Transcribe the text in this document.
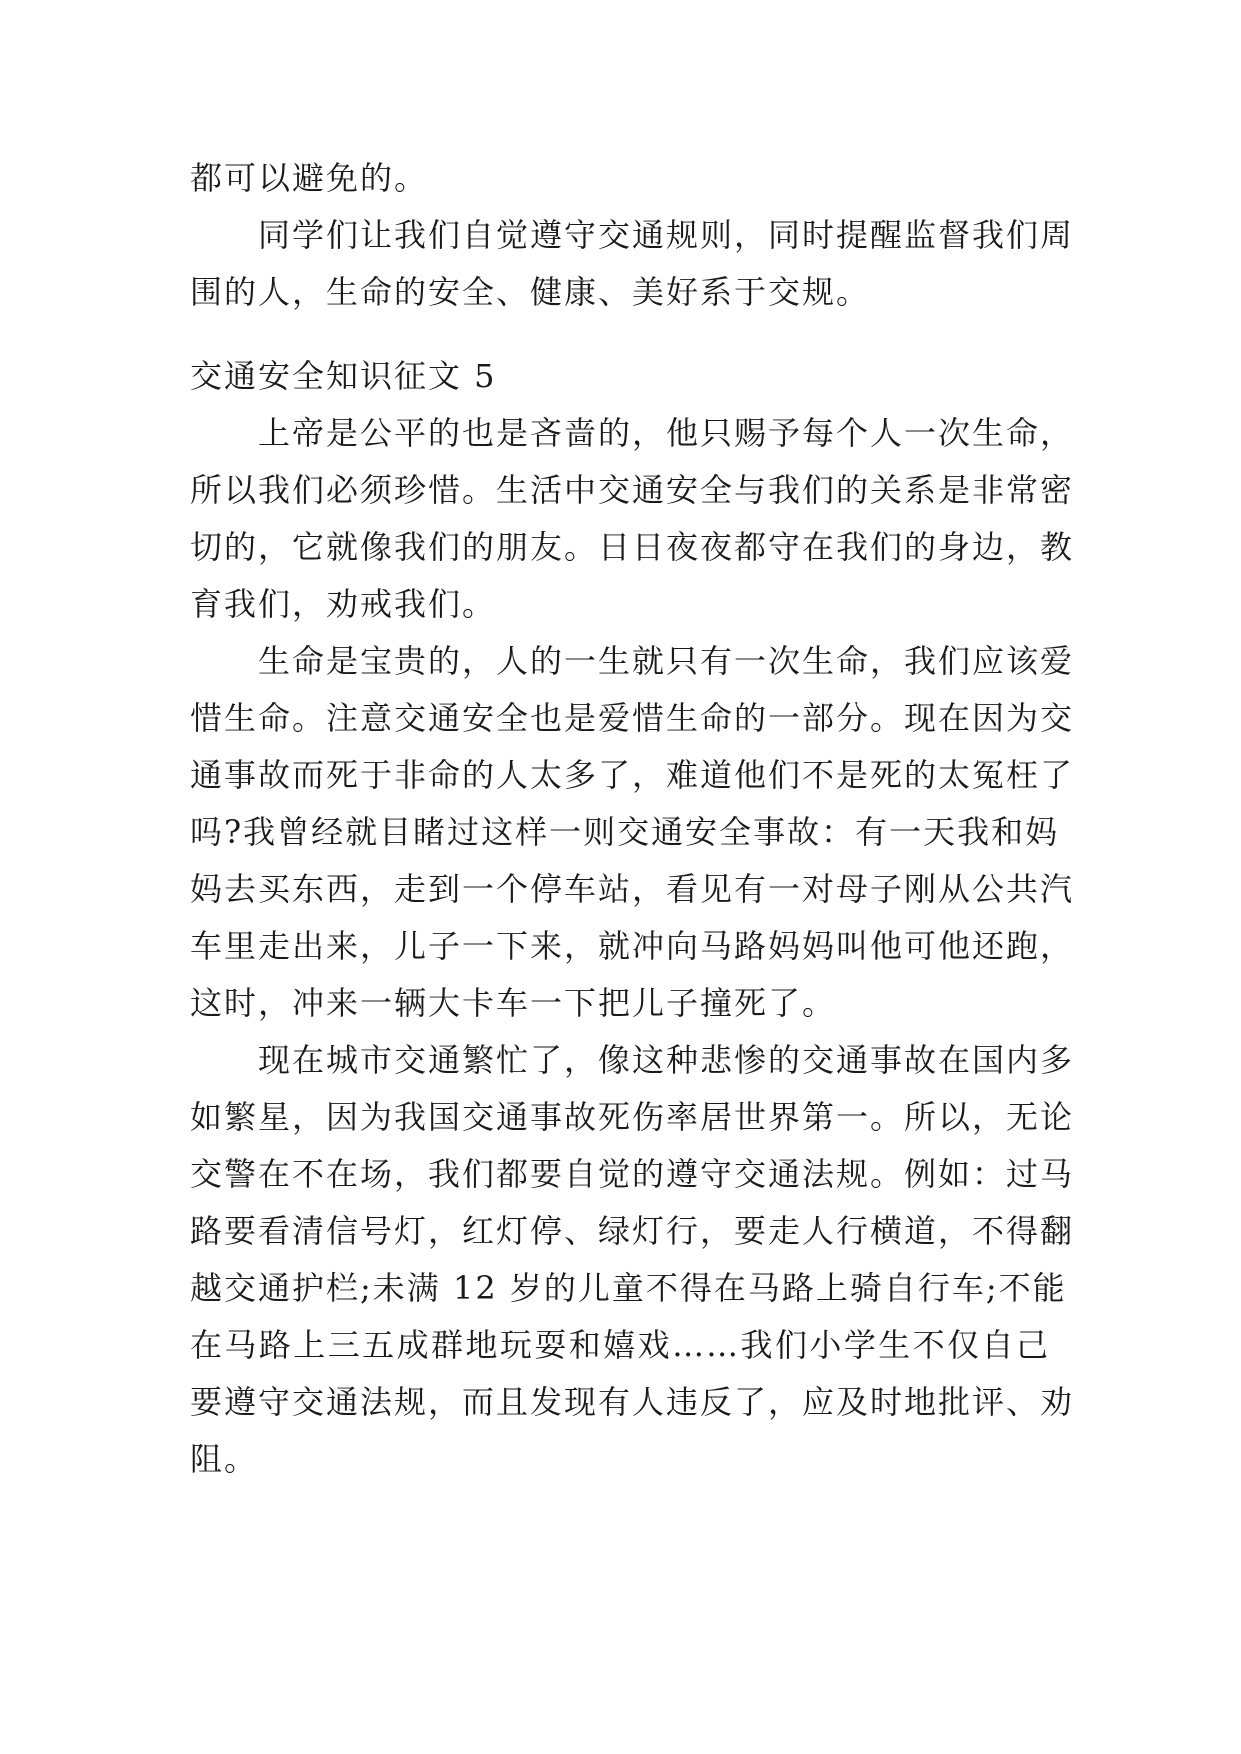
都可以避免的。
同学们让我们自觉遵守交通规则，同时提醒监督我们周
围的人，生命的安全、健康、美好系于交规。
交通安全知识征文 5
上帝是公平的也是吝啬的，他只赐予每个人一次生命，
所以我们必须珍惜。生活中交通安全与我们的关系是非常密
切的，它就像我们的朋友。日日夜夜都守在我们的身边，教
育我们，劝戒我们。
生命是宝贵的，人的一生就只有一次生命，我们应该爱
惜生命。注意交通安全也是爱惜生命的一部分。现在因为交
通事故而死于非命的人太多了，难道他们不是死的太冤枉了
吗?我曾经就目睹过这样一则交通安全事故：有一天我和妈
妈去买东西，走到一个停车站，看见有一对母子刚从公共汽
车里走出来，儿子一下来，就冲向马路妈妈叫他可他还跑，
这时，冲来一辆大卡车一下把儿子撞死了。
现在城市交通繁忙了，像这种悲惨的交通事故在国内多
如繁星，因为我国交通事故死伤率居世界第一。所以，无论
交警在不在场，我们都要自觉的遵守交通法规。例如：过马
路要看清信号灯，红灯停、绿灯行，要走人行横道，不得翻
越交通护栏;未满 12 岁的儿童不得在马路上骑自行车;不能
在马路上三五成群地玩耍和嬉戏……我们小学生不仅自己
要遵守交通法规，而且发现有人违反了，应及时地批评、劝
阻。
